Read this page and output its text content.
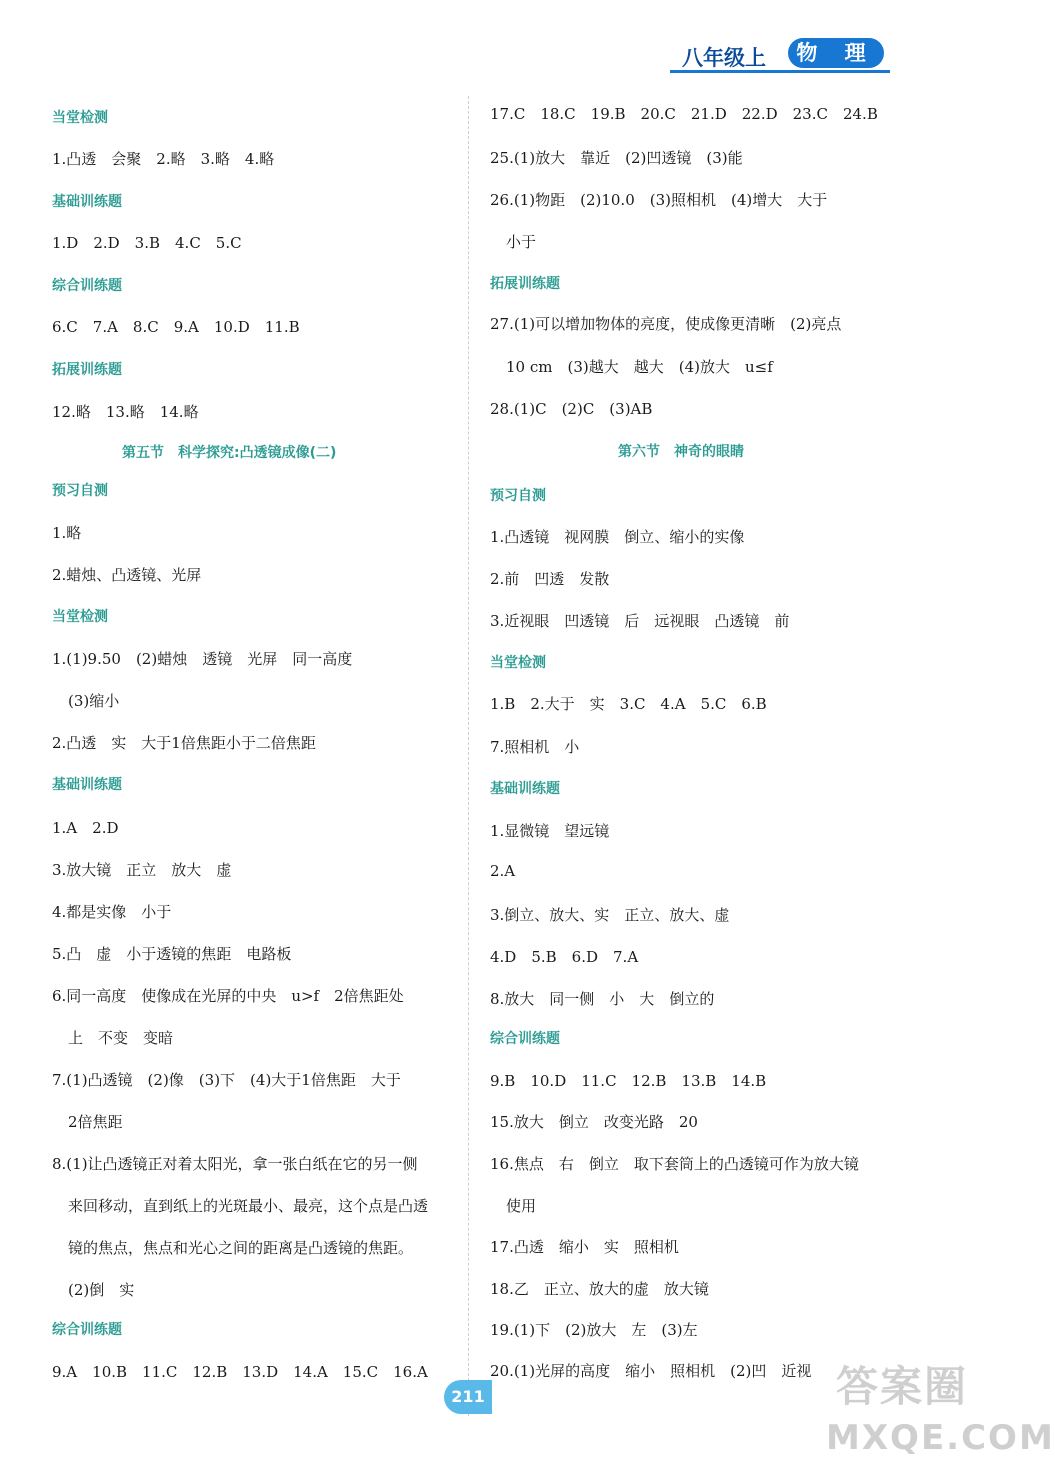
八年级上	物 理
当堂检测
1.凸透　会聚　2.略　3.略　4.略
基础训练题
1.D　2.D　3.B　4.C　5.C
综合训练题
6.C　7.A　8.C　9.A　10.D　11.B
拓展训练题
12.略　13.略　14.略
第五节　科学探究:凸透镜成像(二)
预习自测
1.略
2.蜡烛、凸透镜、光屏
当堂检测
1.(1)9.50　(2)蜡烛　透镜　光屏　同一高度
(3)缩小
2.凸透　实　大于1倍焦距小于二倍焦距
基础训练题
1.A　2.D
3.放大镜　正立　放大　虚
4.都是实像　小于
5.凸　虚　小于透镜的焦距　电路板
6.同一高度　使像成在光屏的中央　u>f　2倍焦距处
上　不变　变暗
7.(1)凸透镜　(2)像　(3)下　(4)大于1倍焦距　大于
2倍焦距
8.(1)让凸透镜正对着太阳光，拿一张白纸在它的另一侧
来回移动，直到纸上的光斑最小、最亮，这个点是凸透
镜的焦点，焦点和光心之间的距离是凸透镜的焦距。
(2)倒　实
综合训练题
9.A　10.B　11.C　12.B　13.D　14.A　15.C　16.A
17.C　18.C　19.B　20.C　21.D　22.D　23.C　24.B
25.(1)放大　靠近　(2)凹透镜　(3)能
26.(1)物距　(2)10.0　(3)照相机　(4)增大　大于
小于
拓展训练题
27.(1)可以增加物体的亮度，使成像更清晰　(2)亮点
10 cm　(3)越大　越大　(4)放大　u≤f
28.(1)C　(2)C　(3)AB
第六节　神奇的眼睛
预习自测
1.凸透镜　视网膜　倒立、缩小的实像
2.前　凹透　发散
3.近视眼　凹透镜　后　远视眼　凸透镜　前
当堂检测
1.B　2.大于　实　3.C　4.A　5.C　6.B
7.照相机　小
基础训练题
1.显微镜　望远镜
2.A
3.倒立、放大、实　正立、放大、虚
4.D　5.B　6.D　7.A
8.放大　同一侧　小　大　倒立的
综合训练题
9.B　10.D　11.C　12.B　13.B　14.B
15.放大　倒立　改变光路　20
16.焦点　右　倒立　取下套筒上的凸透镜可作为放大镜
使用
17.凸透　缩小　实　照相机
18.乙　正立、放大的虚　放大镜
19.(1)下　(2)放大　左　(3)左
20.(1)光屏的高度　缩小　照相机　(2)凹　近视
211	答案圈
MXQE.COM
